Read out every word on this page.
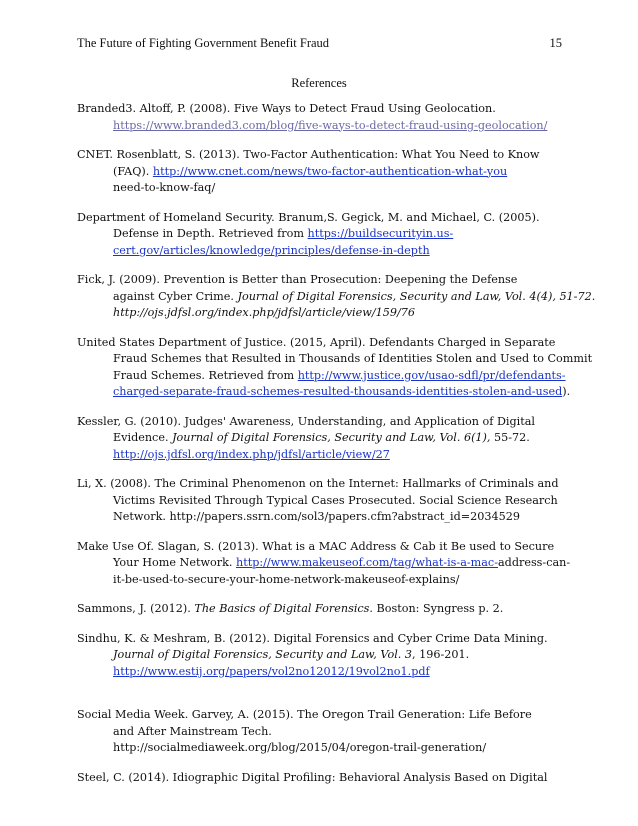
The Future of Fighting Government Benefit Fraud	15
References
Branded3. Altoff, P. (2008). Five Ways to Detect Fraud Using Geolocation.
https://www.branded3.com/blog/five-ways-to-detect-fraud-using-geolocation/
CNET. Rosenblatt, S. (2013). Two-Factor Authentication: What You Need to Know
(FAQ). http://www.cnet.com/news/two-factor-authentication-what-you
need-to-know-faq/
Department of Homeland Security. Branum,S. Gegick, M. and Michael, C. (2005).
Defense in Depth. Retrieved from https://buildsecurityin.us-
cert.gov/articles/knowledge/principles/defense-in-depth
Fick, J. (2009). Prevention is Better than Prosecution: Deepening the Defense
against Cyber Crime. Journal of Digital Forensics, Security and Law, Vol. 4(4), 51-72.
http://ojs.jdfsl.org/index.php/jdfsl/article/view/159/76
United States Department of Justice. (2015, April). Defendants Charged in Separate
Fraud Schemes that Resulted in Thousands of Identities Stolen and Used to Commit
Fraud Schemes. Retrieved from http://www.justice.gov/usao-sdfl/pr/defendants-
charged-separate-fraud-schemes-resulted-thousands-identities-stolen-and-used).
Kessler, G. (2010). Judges' Awareness, Understanding, and Application of Digital
Evidence. Journal of Digital Forensics, Security and Law, Vol. 6(1), 55-72.
http://ojs.jdfsl.org/index.php/jdfsl/article/view/27
Li, X. (2008). The Criminal Phenomenon on the Internet: Hallmarks of Criminals and
Victims Revisited Through Typical Cases Prosecuted. Social Science Research
Network. http://papers.ssrn.com/sol3/papers.cfm?abstract_id=2034529
Make Use Of. Slagan, S. (2013). What is a MAC Address & Cab it Be used to Secure
Your Home Network. http://www.makeuseof.com/tag/what-is-a-mac-address-can-
it-be-used-to-secure-your-home-network-makeuseof-explains/
Sammons, J. (2012). The Basics of Digital Forensics. Boston: Syngress p. 2.
Sindhu, K. & Meshram, B. (2012). Digital Forensics and Cyber Crime Data Mining.
Journal of Digital Forensics, Security and Law, Vol. 3, 196-201.
http://www.estij.org/papers/vol2no12012/19vol2no1.pdf
Social Media Week. Garvey, A. (2015). The Oregon Trail Generation: Life Before
and After Mainstream Tech.
http://socialmediaweek.org/blog/2015/04/oregon-trail-generation/
Steel, C. (2014). Idiographic Digital Profiling: Behavioral Analysis Based on Digital
